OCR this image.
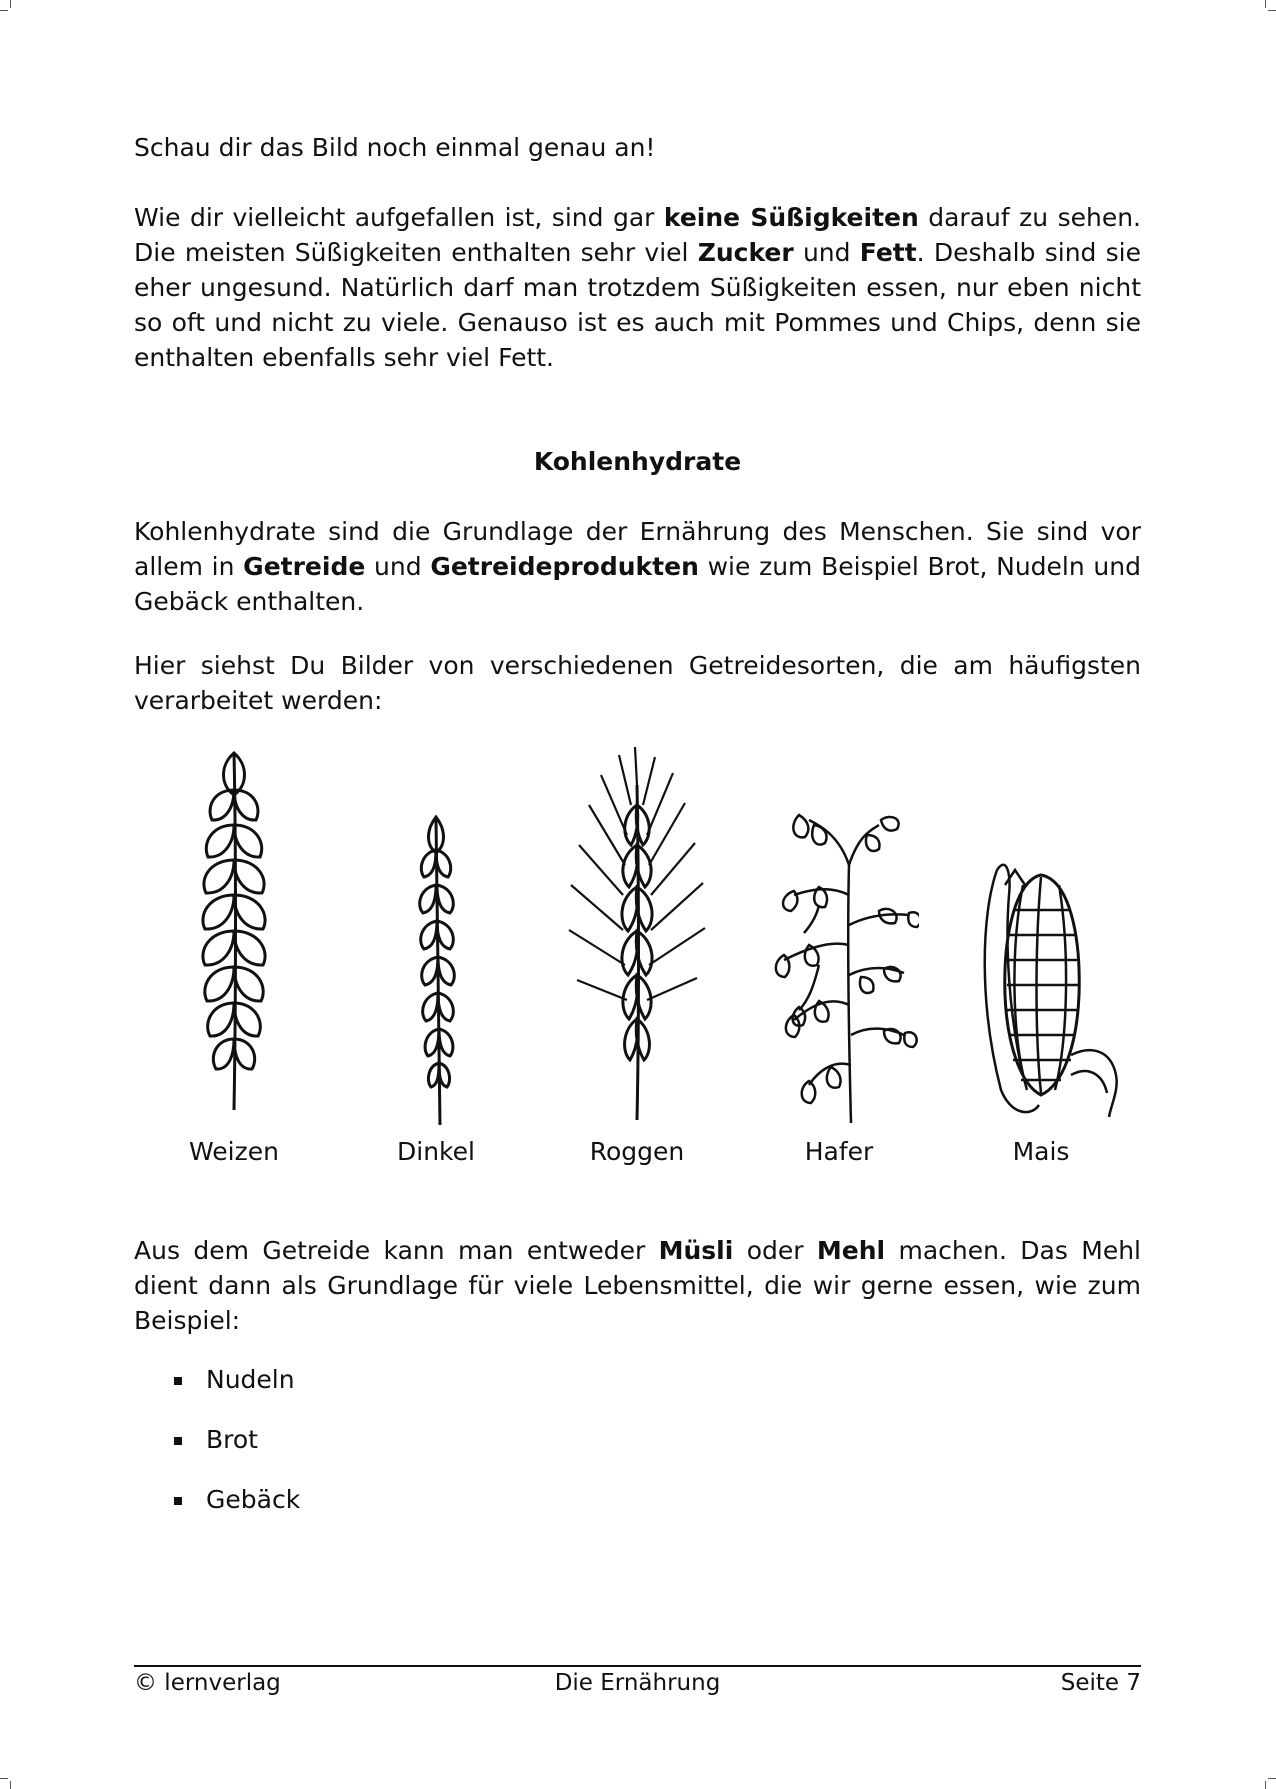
Schau dir das Bild noch einmal genau an!

Wie dir vielleicht aufgefallen ist, sind gar keine Süßigkeiten darauf zu sehen. Die meisten Süßigkeiten enthalten sehr viel Zucker und Fett. Deshalb sind sie eher ungesund. Natürlich darf man trotzdem Süßigkeiten essen, nur eben nicht so oft und nicht zu viele. Genauso ist es auch mit Pommes und Chips, denn sie enthalten ebenfalls sehr viel Fett.

Kohlenhydrate

Kohlenhydrate sind die Grundlage der Ernährung des Menschen. Sie sind vor allem in Getreide und Getreideprodukten wie zum Beispiel Brot, Nudeln und Gebäck enthalten.

Hier siehst Du Bilder von verschiedenen Getreidesorten, die am häufigsten verarbeitet werden:

Weizen	Dinkel	Roggen	Hafer	Mais

Aus dem Getreide kann man entweder Müsli oder Mehl machen. Das Mehl dient dann als Grundlage für viele Lebensmittel, die wir gerne essen, wie zum Beispiel:

Nudeln
Brot
Gebäck
© lernverlag	Die Ernährung	Seite 7
